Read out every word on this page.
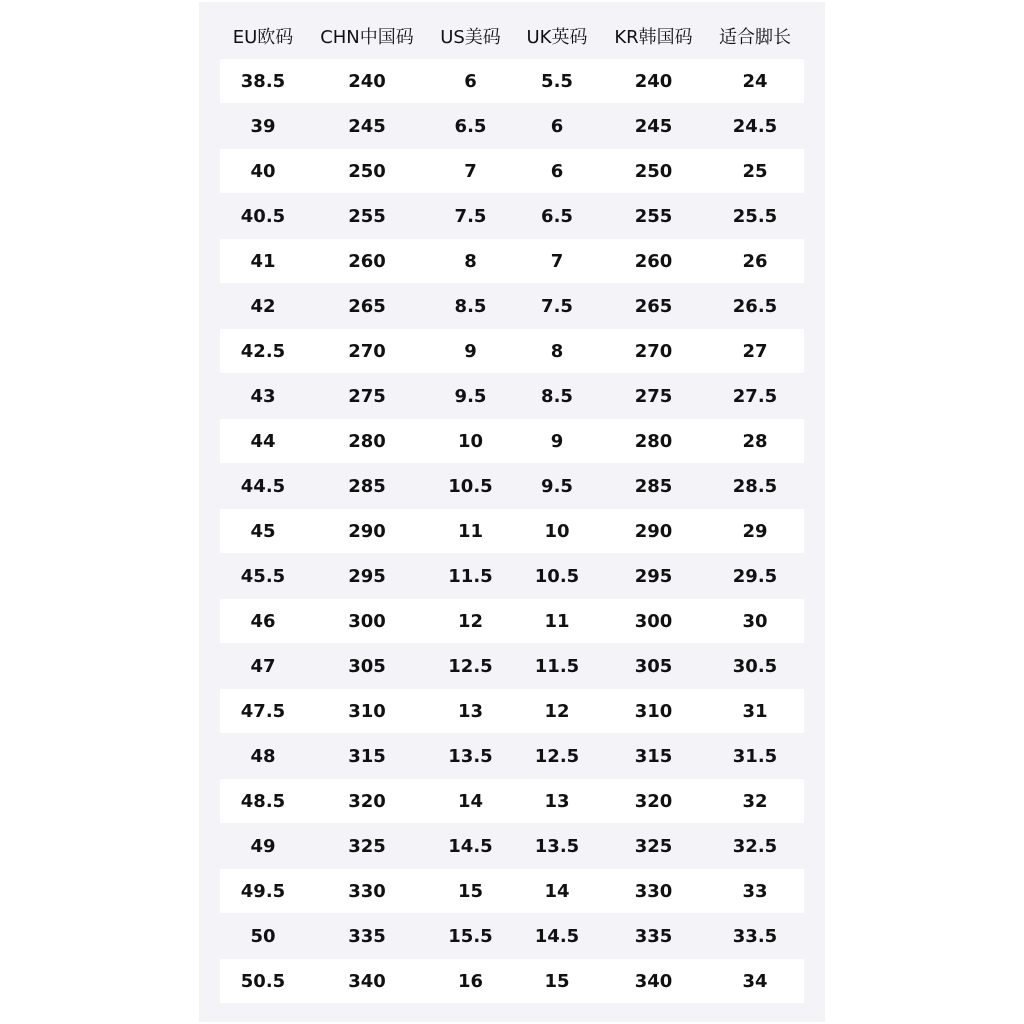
EU欧码	CHN中国码	US美码	UK英码	KR韩国码	适合脚长
38.5	240	6	5.5	240	24
39	245	6.5	6	245	24.5
40	250	7	6	250	25
40.5	255	7.5	6.5	255	25.5
41	260	8	7	260	26
42	265	8.5	7.5	265	26.5
42.5	270	9	8	270	27
43	275	9.5	8.5	275	27.5
44	280	10	9	280	28
44.5	285	10.5	9.5	285	28.5
45	290	11	10	290	29
45.5	295	11.5	10.5	295	29.5
46	300	12	11	300	30
47	305	12.5	11.5	305	30.5
47.5	310	13	12	310	31
48	315	13.5	12.5	315	31.5
48.5	320	14	13	320	32
49	325	14.5	13.5	325	32.5
49.5	330	15	14	330	33
50	335	15.5	14.5	335	33.5
50.5	340	16	15	340	34
